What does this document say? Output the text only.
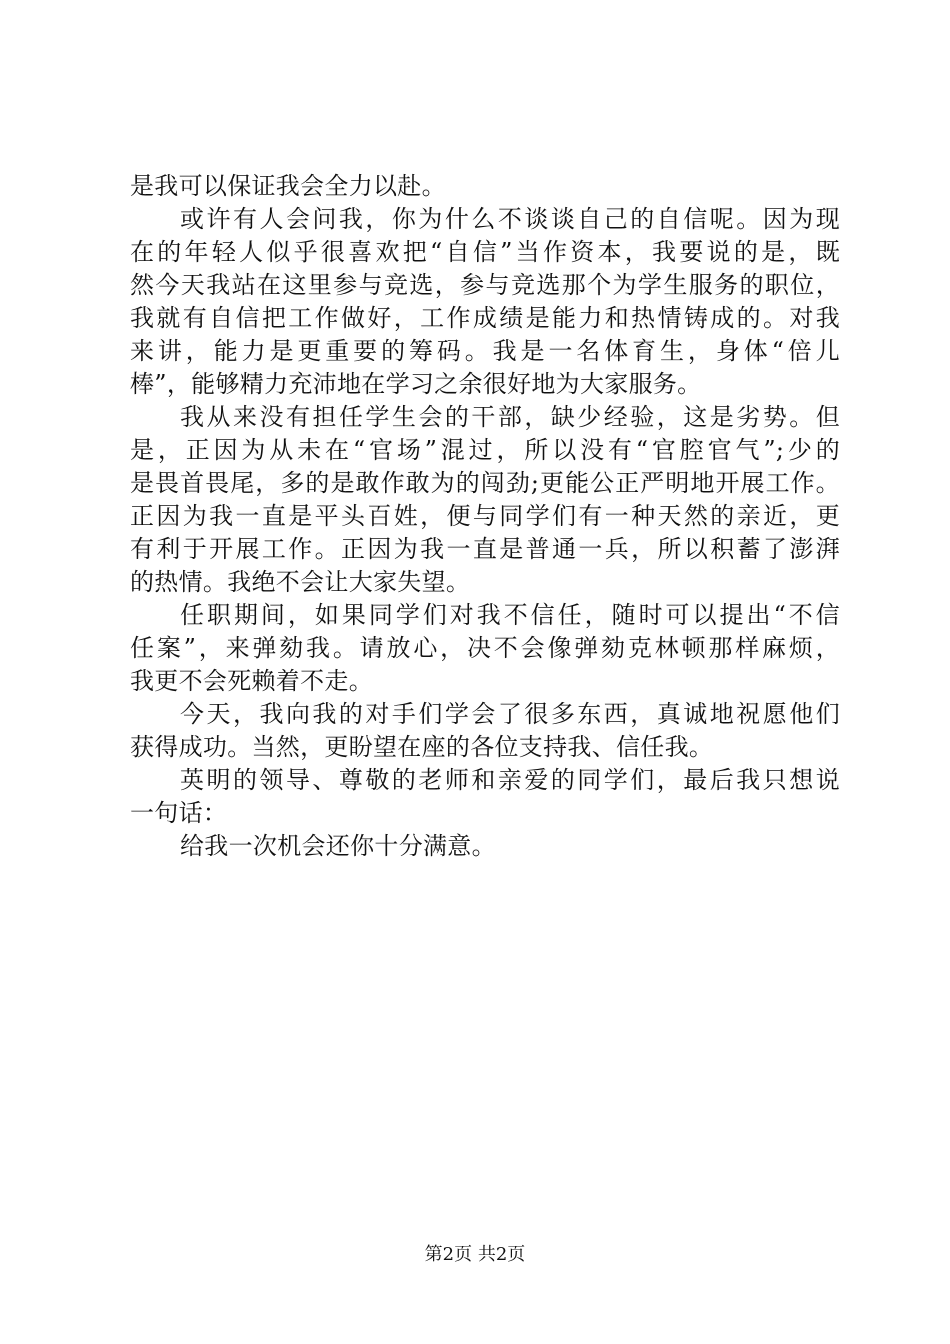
是我可以保证我会全力以赴。
或许有人会问我，你为什么不谈谈自己的自信呢。因为现
在的年轻人似乎很喜欢把“自信”当作资本，我要说的是，既
然今天我站在这里参与竞选，参与竞选那个为学生服务的职位，
我就有自信把工作做好，工作成绩是能力和热情铸成的。对我
来讲，能力是更重要的筹码。我是一名体育生，身体“倍儿
棒”，能够精力充沛地在学习之余很好地为大家服务。
我从来没有担任学生会的干部，缺少经验，这是劣势。但
是，正因为从未在“官场”混过，所以没有“官腔官气”;少的
是畏首畏尾，多的是敢作敢为的闯劲;更能公正严明地开展工作。
正因为我一直是平头百姓，便与同学们有一种天然的亲近，更
有利于开展工作。正因为我一直是普通一兵，所以积蓄了澎湃
的热情。我绝不会让大家失望。
任职期间，如果同学们对我不信任，随时可以提出“不信
任案”，来弹劾我。请放心，决不会像弹劾克林顿那样麻烦，
我更不会死赖着不走。
今天，我向我的对手们学会了很多东西，真诚地祝愿他们
获得成功。当然，更盼望在座的各位支持我、信任我。
英明的领导、尊敬的老师和亲爱的同学们，最后我只想说
一句话：
给我一次机会还你十分满意。
第2页 共2页
